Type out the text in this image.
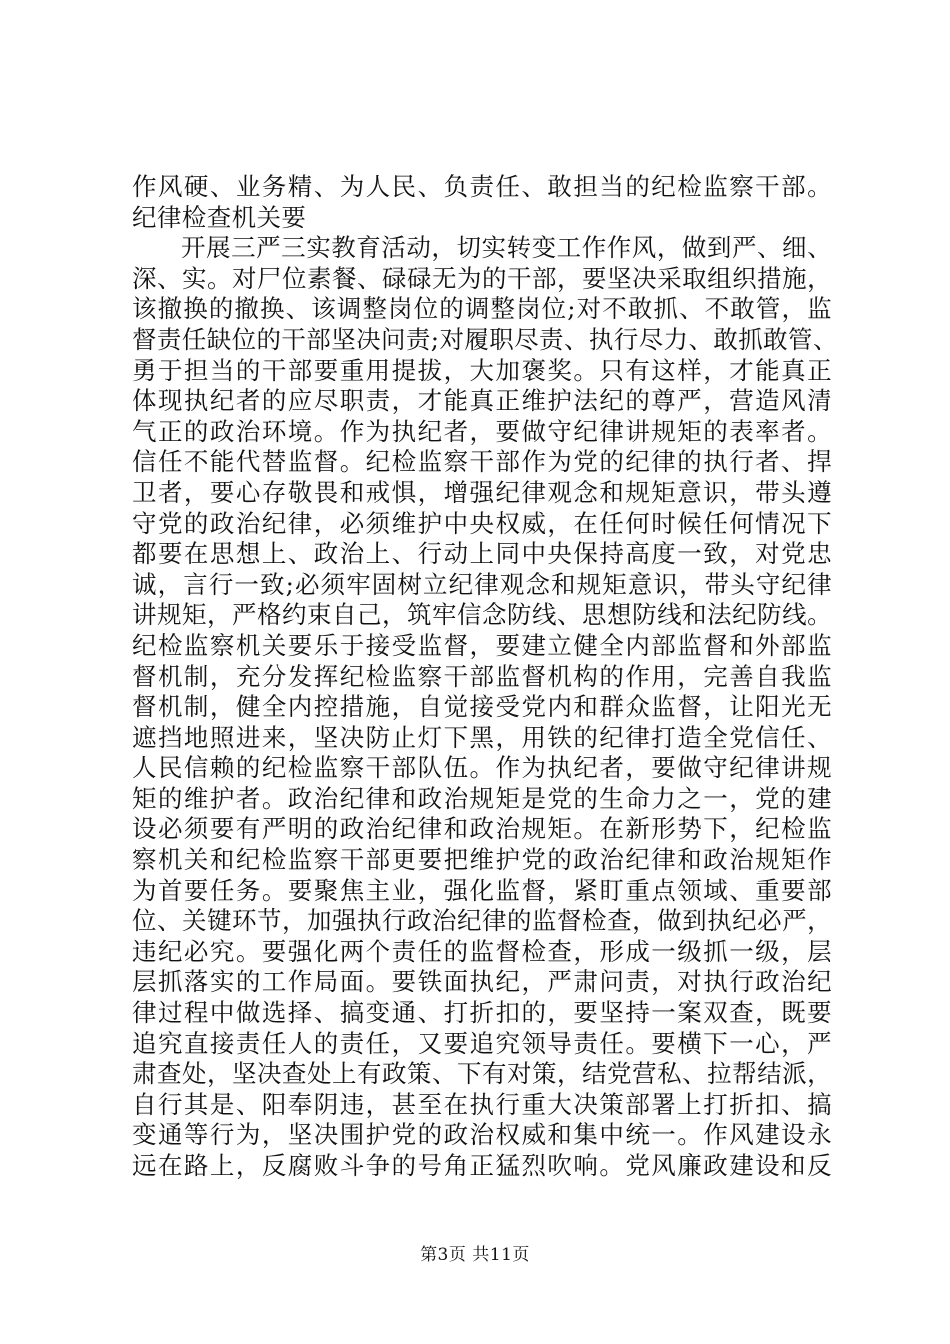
作风硬、业务精、为人民、负责任、敢担当的纪检监察干部。
纪律检查机关要
开展三严三实教育活动，切实转变工作作风，做到严、细、
深、实。对尸位素餐、碌碌无为的干部，要坚决采取组织措施，
该撤换的撤换、该调整岗位的调整岗位;对不敢抓、不敢管，监
督责任缺位的干部坚决问责;对履职尽责、执行尽力、敢抓敢管、
勇于担当的干部要重用提拔，大加褒奖。只有这样，才能真正
体现执纪者的应尽职责，才能真正维护法纪的尊严，营造风清
气正的政治环境。作为执纪者，要做守纪律讲规矩的表率者。
信任不能代替监督。纪检监察干部作为党的纪律的执行者、捍
卫者，要心存敬畏和戒惧，增强纪律观念和规矩意识，带头遵
守党的政治纪律，必须维护中央权威，在任何时候任何情况下
都要在思想上、政治上、行动上同中央保持高度一致，对党忠
诚，言行一致;必须牢固树立纪律观念和规矩意识，带头守纪律
讲规矩，严格约束自己，筑牢信念防线、思想防线和法纪防线。
纪检监察机关要乐于接受监督，要建立健全内部监督和外部监
督机制，充分发挥纪检监察干部监督机构的作用，完善自我监
督机制，健全内控措施，自觉接受党内和群众监督，让阳光无
遮挡地照进来，坚决防止灯下黑，用铁的纪律打造全党信任、
人民信赖的纪检监察干部队伍。作为执纪者，要做守纪律讲规
矩的维护者。政治纪律和政治规矩是党的生命力之一，党的建
设必须要有严明的政治纪律和政治规矩。在新形势下，纪检监
察机关和纪检监察干部更要把维护党的政治纪律和政治规矩作
为首要任务。要聚焦主业，强化监督，紧盯重点领域、重要部
位、关键环节，加强执行政治纪律的监督检查，做到执纪必严，
违纪必究。要强化两个责任的监督检查，形成一级抓一级，层
层抓落实的工作局面。要铁面执纪，严肃问责，对执行政治纪
律过程中做选择、搞变通、打折扣的，要坚持一案双查，既要
追究直接责任人的责任，又要追究领导责任。要横下一心，严
肃查处，坚决查处上有政策、下有对策，结党营私、拉帮结派，
自行其是、阳奉阴违，甚至在执行重大决策部署上打折扣、搞
变通等行为，坚决围护党的政治权威和集中统一。作风建设永
远在路上，反腐败斗争的号角正猛烈吹响。党风廉政建设和反
第3页 共11页
